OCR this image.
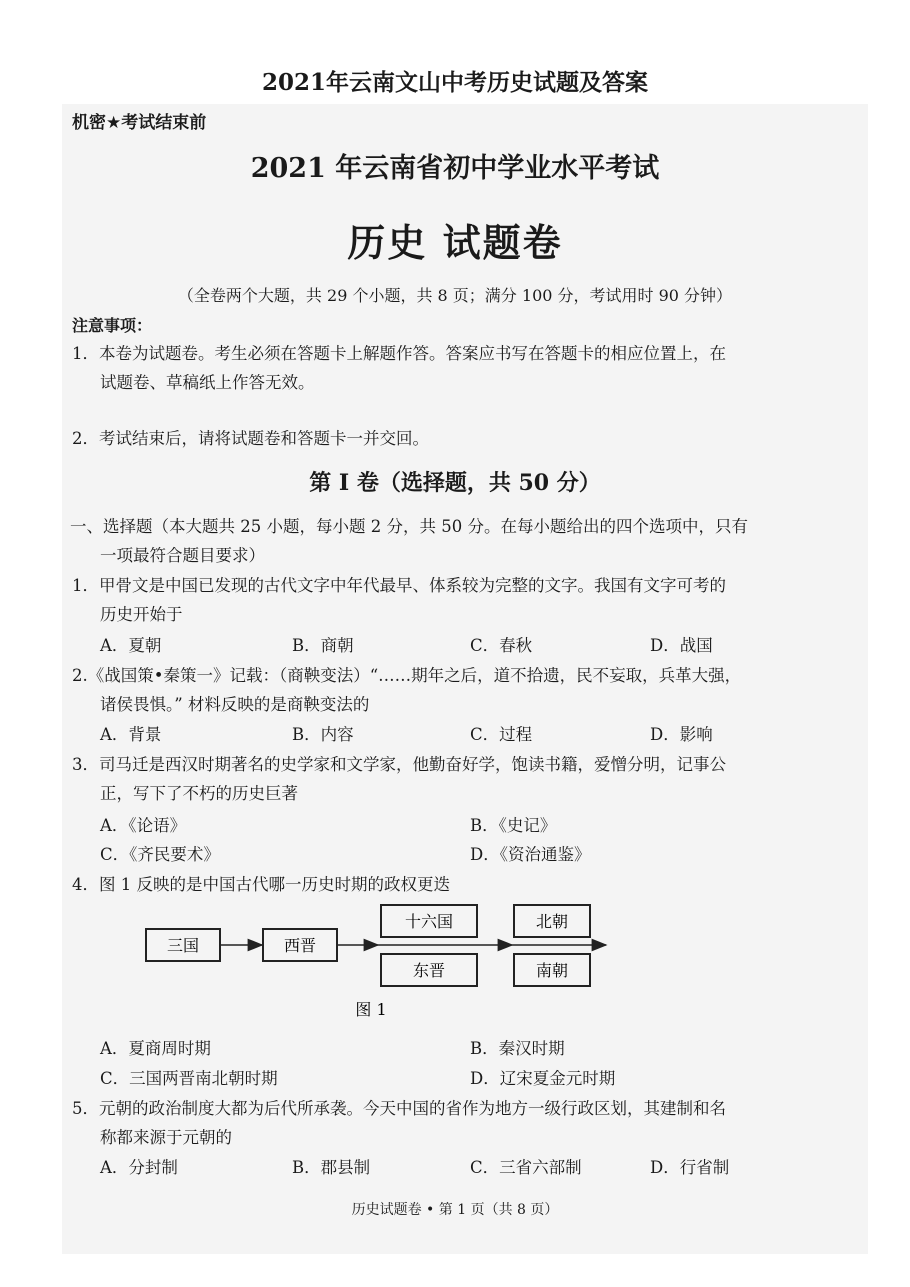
2021年云南文山中考历史试题及答案
机密★考试结束前
2021 年云南省初中学业水平考试
历史 试题卷
（全卷两个大题，共 29 个小题，共 8 页；满分 100 分，考试用时 90 分钟）
注意事项：
1．本卷为试题卷。考生必须在答题卡上解题作答。答案应书写在答题卡的相应位置上，在
试题卷、草稿纸上作答无效。
2．考试结束后，请将试题卷和答题卡一并交回。
第 I 卷（选择题，共 50 分）
一、选择题（本大题共 25 小题，每小题 2 分，共 50 分。在每小题给出的四个选项中，只有
一项最符合题目要求）
1．甲骨文是中国已发现的古代文字中年代最早、体系较为完整的文字。我国有文字可考的
历史开始于
A．夏朝	B．商朝	C．春秋	D．战国
2.《战国策•秦策一》记载：（商鞅变法）“……期年之后，道不拾遗，民不妄取，兵革大强，
诸侯畏惧。” 材料反映的是商鞅变法的
A．背景	B．内容	C．过程	D．影响
3．司马迁是西汉时期著名的史学家和文学家，他勤奋好学，饱读书籍，爱憎分明，记事公
正，写下了不朽的历史巨著
A．《论语》	B．《史记》
C．《齐民要术》	D．《资治通鉴》
4．图 1 反映的是中国古代哪一历史时期的政权更迭
三国	西晋
十六国
东晋
北朝
南朝
图 1
A．夏商周时期	B．秦汉时期
C．三国两晋南北朝时期	D．辽宋夏金元时期
5．元朝的政治制度大都为后代所承袭。今天中国的省作为地方一级行政区划，其建制和名
称都来源于元朝的
A．分封制	B．郡县制	C．三省六部制	D．行省制
历史试题卷 • 第 1 页（共 8 页）
